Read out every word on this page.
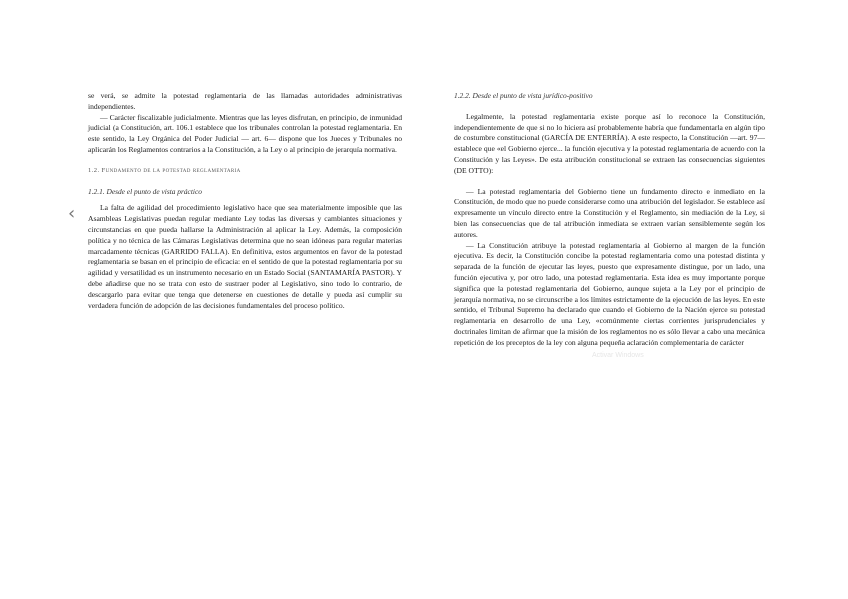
‹

se verá, se admite la potestad reglamentaria de las llamadas autoridades administrativas independientes.

— Carácter fiscalizable judicialmente. Mientras que las leyes disfrutan, en principio, de inmunidad judicial (a Constitución, art. 106.1 establece que los tribunales controlan la potestad reglamentaria. En este sentido, la Ley Orgánica del Poder Judicial — art. 6— dispone que los Jueces y Tribunales no aplicarán los Reglamentos contrarios a la Constitución, a la Ley o al principio de jerarquía normativa.

1.2. Fundamento de la potestad reglamentaria

1.2.1. Desde el punto de vista práctico

La falta de agilidad del procedimiento legislativo hace que sea materialmente imposible que las Asambleas Legislativas puedan regular mediante Ley todas las diversas y cambiantes situaciones y circunstancias en que pueda hallarse la Administración al aplicar la Ley. Además, la composición política y no técnica de las Cámaras Legislativas determina que no sean idóneas para regular materias marcadamente técnicas (GARRIDO FALLA). En definitiva, estos argumentos en favor de la potestad reglamentaria se basan en el principio de eficacia: en el sentido de que la potestad reglamentaria por su agilidad y versatilidad es un instrumento necesario en un Estado Social (SANTAMARÍA PASTOR). Y debe añadirse que no se trata con esto de sustraer poder al Legislativo, sino todo lo contrario, de descargarlo para evitar que tenga que detenerse en cuestiones de detalle y pueda así cumplir su verdadera función de adopción de las decisiones fundamentales del proceso político.

1.2.2. Desde el punto de vista jurídico-positivo

Legalmente, la potestad reglamentaria existe porque así lo reconoce la Constitución, independientemente de que si no lo hiciera así probablemente habría que fundamentarla en algún tipo de costumbre constitucional (GARCÍA DE ENTERRÍA). A este respecto, la Constitución —art. 97— establece que «el Gobierno ejerce... la función ejecutiva y la potestad reglamentaria de acuerdo con la Constitución y las Leyes». De esta atribución constitucional se extraen las consecuencias siguientes (DE OTTO):

— La potestad reglamentaria del Gobierno tiene un fundamento directo e inmediato en la Constitución, de modo que no puede considerarse como una atribución del legislador. Se establece así expresamente un vínculo directo entre la Constitución y el Reglamento, sin mediación de la Ley, si bien las consecuencias que de tal atribución inmediata se extraen varían sensiblemente según los autores.

— La Constitución atribuye la potestad reglamentaria al Gobierno al margen de la función ejecutiva. Es decir, la Constitución concibe la potestad reglamentaria como una potestad distinta y separada de la función de ejecutar las leyes, puesto que expresamente distingue, por un lado, una función ejecutiva y, por otro lado, una potestad reglamentaria. Esta idea es muy importante porque significa que la potestad reglamentaria del Gobierno, aunque sujeta a la Ley por el principio de jerarquía normativa, no se circunscribe a los límites estrictamente de la ejecución de las leyes. En este sentido, el Tribunal Supremo ha declarado que cuando el Gobierno de la Nación ejerce su potestad reglamentaria en desarrollo de una Ley, «comúnmente ciertas corrientes jurisprudenciales y doctrinales limitan de afirmar que la misión de los reglamentos no es sólo llevar a cabo una mecánica repetición de los preceptos de la ley con alguna pequeña aclaración complementaria de carácter

Activar Windows
